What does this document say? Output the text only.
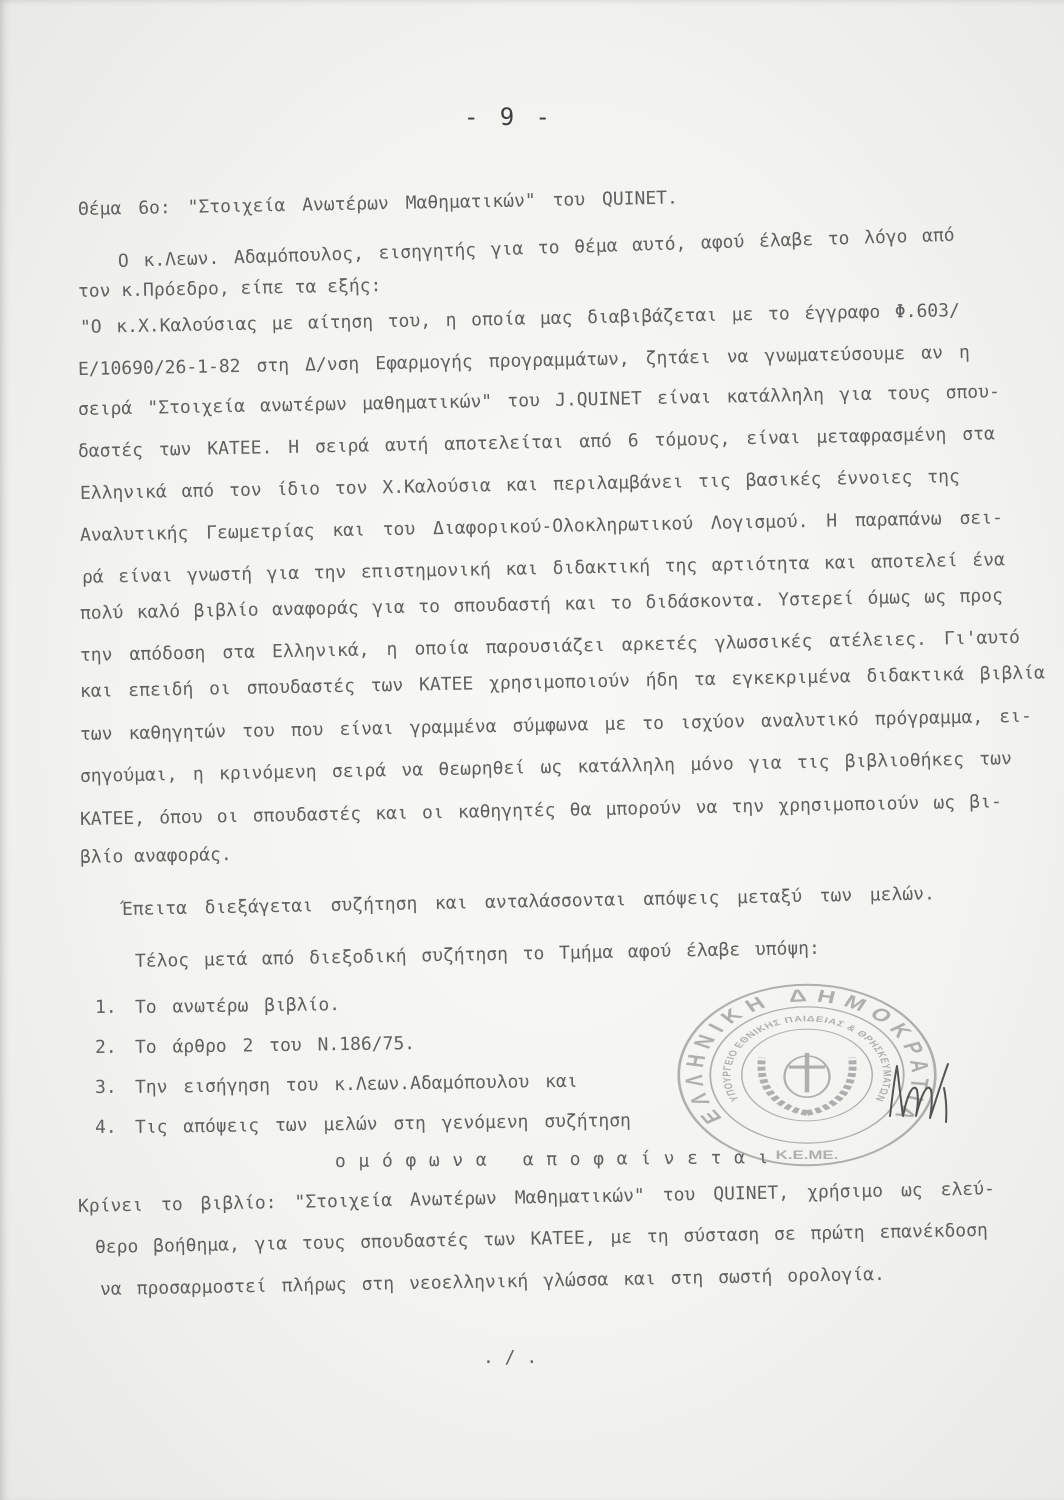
- 9 -
Θέμα 6ο: "Στοιχεία Ανωτέρων Μαθηματικών" του QUINET.
Ο κ.Λεων. Αδαμόπουλος, εισηγητής για το θέμα αυτό, αφού έλαβε το λόγο από
τον κ.Πρόεδρο, είπε τα εξής:
"Ο κ.Χ.Καλούσιας με αίτηση του, η οποία μας διαβιβάζεται με το έγγραφο Φ.603/
Ε/10690/26-1-82 στη Δ/νση Εφαρμογής προγραμμάτων, ζητάει να γνωματεύσουμε αν η
σειρά "Στοιχεία ανωτέρων μαθηματικών" του J.QUINET είναι κατάλληλη για τους σπου-
δαστές των ΚΑΤΕΕ. Η σειρά αυτή αποτελείται από 6 τόμους, είναι μεταφρασμένη στα
Ελληνικά από τον ίδιο τον Χ.Καλούσια και περιλαμβάνει τις βασικές έννοιες της
Αναλυτικής Γεωμετρίας και του Διαφορικού-Ολοκληρωτικού Λογισμού. Η παραπάνω σει-
ρά είναι γνωστή για την επιστημονική και διδακτική της αρτιότητα και αποτελεί ένα
πολύ καλό βιβλίο αναφοράς για το σπουδαστή και το διδάσκοντα. Υστερεί όμως ως προς
την απόδοση στα Ελληνικά, η οποία παρουσιάζει αρκετές γλωσσικές ατέλειες. Γι'αυτό
και επειδή οι σπουδαστές των ΚΑΤΕΕ χρησιμοποιούν ήδη τα εγκεκριμένα διδακτικά βιβλία
των καθηγητών του που είναι γραμμένα σύμφωνα με το ισχύον αναλυτικό πρόγραμμα, ει-
σηγούμαι, η κρινόμενη σειρά να θεωρηθεί ως κατάλληλη μόνο για τις βιβλιοθήκες των
ΚΑΤΕΕ, όπου οι σπουδαστές και οι καθηγητές θα μπορούν να την χρησιμοποιούν ως βι-
βλίο αναφοράς.
Έπειτα διεξάγεται συζήτηση και ανταλάσσονται απόψεις μεταξύ των μελών.
Τέλος μετά από διεξοδική συζήτηση το Τμήμα αφού έλαβε υπόψη:
1. Το ανωτέρω βιβλίο.
2. Το άρθρο 2 του Ν.186/75.
3. Την εισήγηση του κ.Λεων.Αδαμόπουλου και
4. Τις απόψεις των μελών στη γενόμενη συζήτηση
ο μ ό φ ω ν α   α π ο φ α ί ν ε τ α ι
Κρίνει το βιβλίο: "Στοιχεία Ανωτέρων Μαθηματικών" του QUINET, χρήσιμο ως ελεύ-
θερο βοήθημα, για τους σπουδαστές των ΚΑΤΕΕ, με τη σύσταση σε πρώτη επανέκδοση
να προσαρμοστεί πλήρως στη νεοελληνική γλώσσα και στη σωστή ορολογία.
. / .
ΕΛΛΗΝΙΚΗ ΔΗΜΟΚΡΑΤΙΑ
ΥΠΟΥΡΓΕΙΟ ΕΘΝΙΚΗΣ ΠΑΙΔΕΙΑΣ & ΘΡΗΣΚΕΥΜΑΤΩΝ
Κ.Ε.ΜΕ.
